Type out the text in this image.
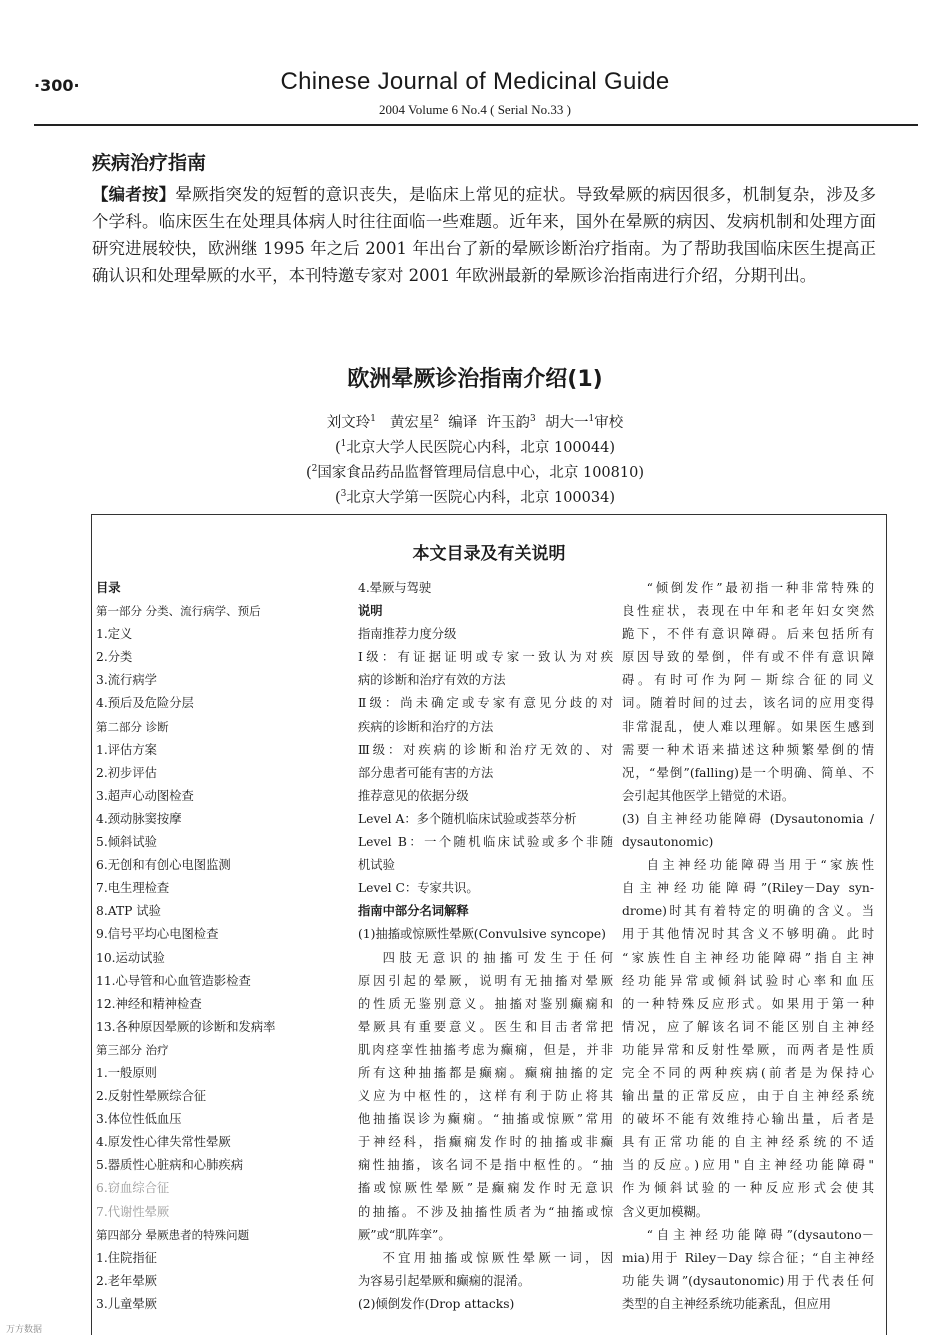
·300·	Chinese Journal of Medicinal Guide
2004 Volume 6 No.4 ( Serial No.33 )
疾病治疗指南

【编者按】晕厥指突发的短暂的意识丧失，是临床上常见的症状。导致晕厥的病因很多，机制复杂，涉及多个学科。临床医生在处理具体病人时往往面临一些难题。近年来，国外在晕厥的病因、发病机制和处理方面研究进展较快，欧洲继 1995 年之后 2001 年出台了新的晕厥诊断治疗指南。为了帮助我国临床医生提高正确认识和处理晕厥的水平，本刊特邀专家对 2001 年欧洲最新的晕厥诊治指南进行介绍，分期刊出。

欧洲晕厥诊治指南介绍(1)
刘文玲$^1$ 黄宏星$^2$ 编译 许玉韵$^3$ 胡大一$^1$审校
($^1$北京大学人民医院心内科，北京 100044)
($^2$国家食品药品监督管理局信息中心，北京 100810)
($^3$北京大学第一医院心内科，北京 100034)
本文目录及有关说明
目录
第一部分 分类、流行病学、预后
1.定义
2.分类
3.流行病学
4.预后及危险分层
第二部分 诊断
1.评估方案
2.初步评估
3.超声心动图检查
4.颈动脉窦按摩
5.倾斜试验
6.无创和有创心电图监测
7.电生理检查
8.ATP 试验
9.信号平均心电图检查
10.运动试验
11.心导管和心血管造影检查
12.神经和精神检查
13.各种原因晕厥的诊断和发病率
第三部分 治疗
1.一般原则
2.反射性晕厥综合征
3.体位性低血压
4.原发性心律失常性晕厥
5.器质性心脏病和心肺疾病
6.窃血综合征
7.代谢性晕厥
第四部分 晕厥患者的特殊问题
1.住院指征
2.老年晕厥
3.儿童晕厥
4.晕厥与驾驶
说明
指南推荐力度分级
Ⅰ级：有证据证明或专家一致认为对疾
病的诊断和治疗有效的方法
Ⅱ级：尚未确定或专家有意见分歧的对
疾病的诊断和治疗的方法
Ⅲ级：对疾病的诊断和治疗无效的、对
部分患者可能有害的方法
推荐意见的依据分级
Level A：多个随机临床试验或荟萃分析
Level B：一个随机临床试验或多个非随
机试验
Level C：专家共识。
指南中部分名词解释
(1)抽搐或惊厥性晕厥(Convulsive syncope)
四肢无意识的抽搐可发生于任何
原因引起的晕厥，说明有无抽搐对晕厥
的性质无鉴别意义。抽搐对鉴别癫痫和
晕厥具有重要意义。医生和目击者常把
肌肉痉挛性抽搐考虑为癫痫，但是，并非
所有这种抽搐都是癫痫。癫痫抽搐的定
义应为中枢性的，这样有利于防止将其
他抽搐误诊为癫痫。“抽搐或惊厥”常用
于神经科，指癫痫发作时的抽搐或非癫
痫性抽搐，该名词不是指中枢性的。“抽
搐或惊厥性晕厥”是癫痫发作时无意识
的抽搐。不涉及抽搐性质者为“抽搐或惊
厥”或“肌阵挛”。
不宜用抽搐或惊厥性晕厥一词，因
为容易引起晕厥和癫痫的混淆。
(2)倾倒发作(Drop attacks)
“倾倒发作”最初指一种非常特殊的
良性症状，表现在中年和老年妇女突然
跪下，不伴有意识障碍。后来包括所有
原因导致的晕倒，伴有或不伴有意识障
碍。有时可作为阿－斯综合征的同义
词。随着时间的过去，该名词的应用变得
非常混乱，使人难以理解。如果医生感到
需要一种术语来描述这种频繁晕倒的情
况，“晕倒”(falling)是一个明确、简单、不
会引起其他医学上错觉的术语。
(3) 自主神经功能障碍 (Dysautonomia /
dysautonomic)
自主神经功能障碍当用于“家族性
自主神经功能障碍”(Riley－Day syn-
drome)时其有着特定的明确的含义。当
用于其他情况时其含义不够明确。此时
“家族性自主神经功能障碍”指自主神
经功能异常或倾斜试验时心率和血压
的一种特殊反应形式。如果用于第一种
情况，应了解该名词不能区别自主神经
功能异常和反射性晕厥，而两者是性质
完全不同的两种疾病(前者是为保持心
输出量的正常反应，由于自主神经系统
的破坏不能有效维持心输出量，后者是
具有正常功能的自主神经系统的不适
当的反应。)应用"自主神经功能障碍"
作为倾斜试验的一种反应形式会使其
含义更加模糊。
“自主神经功能障碍”(dysautono－
mia)用于 Riley－Day 综合征；“自主神经
功能失调”(dysautonomic)用于代表任何
类型的自主神经系统功能紊乱，但应用
万方数据
